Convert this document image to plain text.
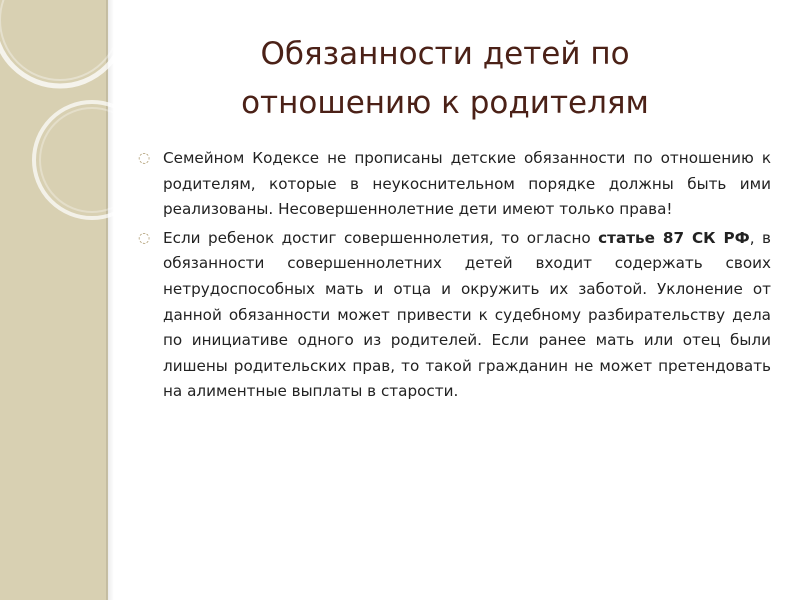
Обязанности детей по
отношению к родителям
◌ Семейном Кодексе не прописаны детские обязанности по отношению к родителям, которые в неукоснительном порядке должны быть ими реализованы. Несовершеннолетние дети имеют только права!
◌ Если ребенок достиг совершеннолетия, то огласно статье 87 СК РФ, в обязанности совершеннолетних детей входит содержать своих нетрудоспособных мать и отца и окружить их заботой. Уклонение от данной обязанности может привести к судебному разбирательству дела по инициативе одного из родителей. Если ранее мать или отец были лишены родительских прав, то такой гражданин не может претендовать на алиментные выплаты в старости.
